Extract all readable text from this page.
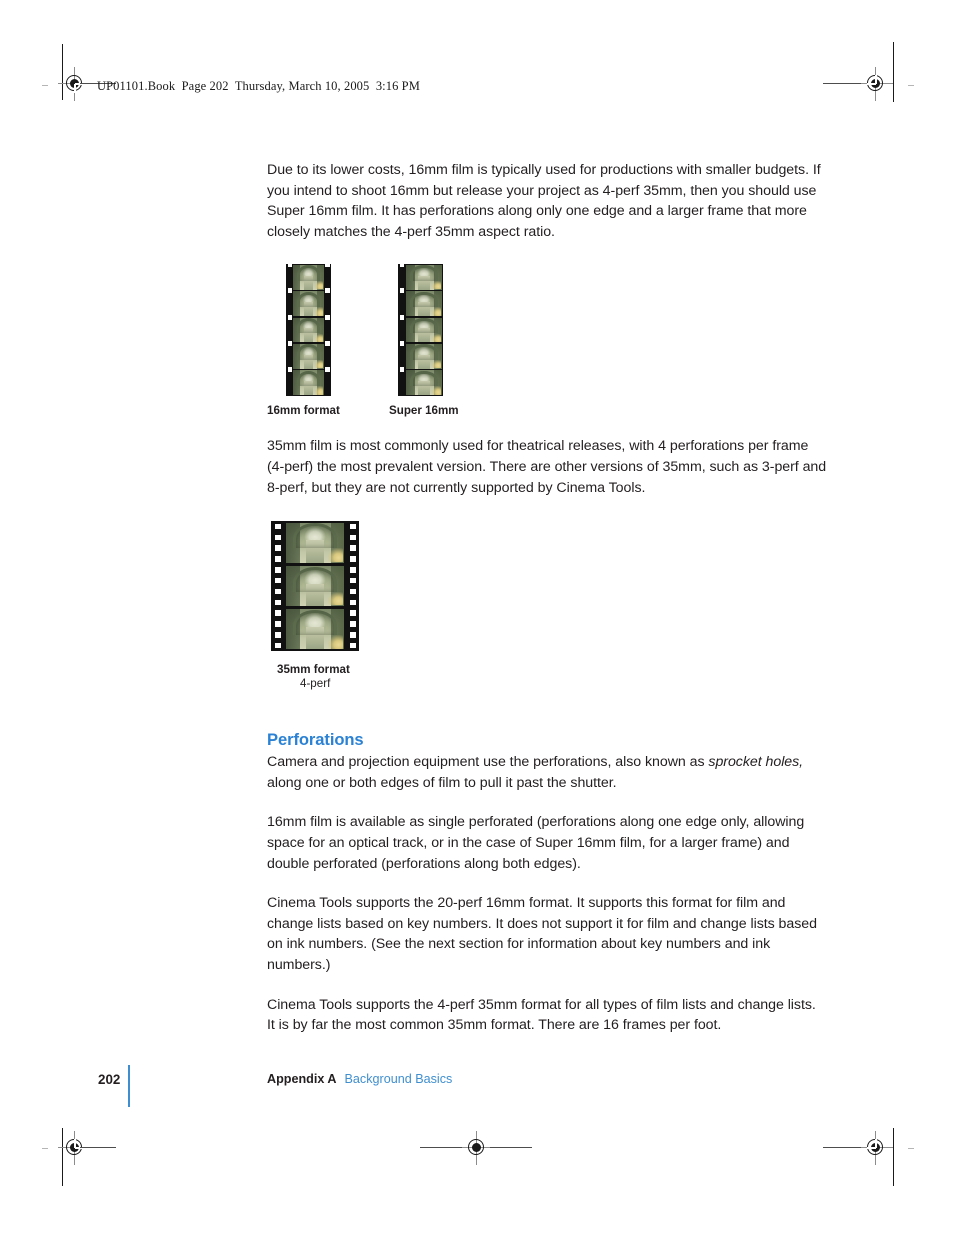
UP01101.Book  Page 202  Thursday, March 10, 2005  3:16 PM

Due to its lower costs, 16mm film is typically used for productions with smaller budgets. If you intend to shoot 16mm but release your project as 4-perf 35mm, then you should use Super 16mm film. It has perforations along only one edge and a larger frame that more closely matches the 4-perf 35mm aspect ratio.

35mm film is most commonly used for theatrical releases, with 4 perforations per frame (4-perf) the most prevalent version. There are other versions of 35mm, such as 3-perf and 8-perf, but they are not currently supported by Cinema Tools.

Perforations

Camera and projection equipment use the perforations, also known as sprocket holes, along one or both edges of film to pull it past the shutter.

16mm film is available as single perforated (perforations along one edge only, allowing space for an optical track, or in the case of Super 16mm film, for a larger frame) and double perforated (perforations along both edges).

Cinema Tools supports the 20-perf 16mm format. It supports this format for film and change lists based on key numbers. It does not support it for film and change lists based on ink numbers. (See the next section for information about key numbers and ink numbers.)

Cinema Tools supports the 4-perf 35mm format for all types of film lists and change lists. It is by far the most common 35mm format. There are 16 frames per foot.

16mm format	Super 16mm
35mm format
4-perf
202	Appendix A Background Basics
